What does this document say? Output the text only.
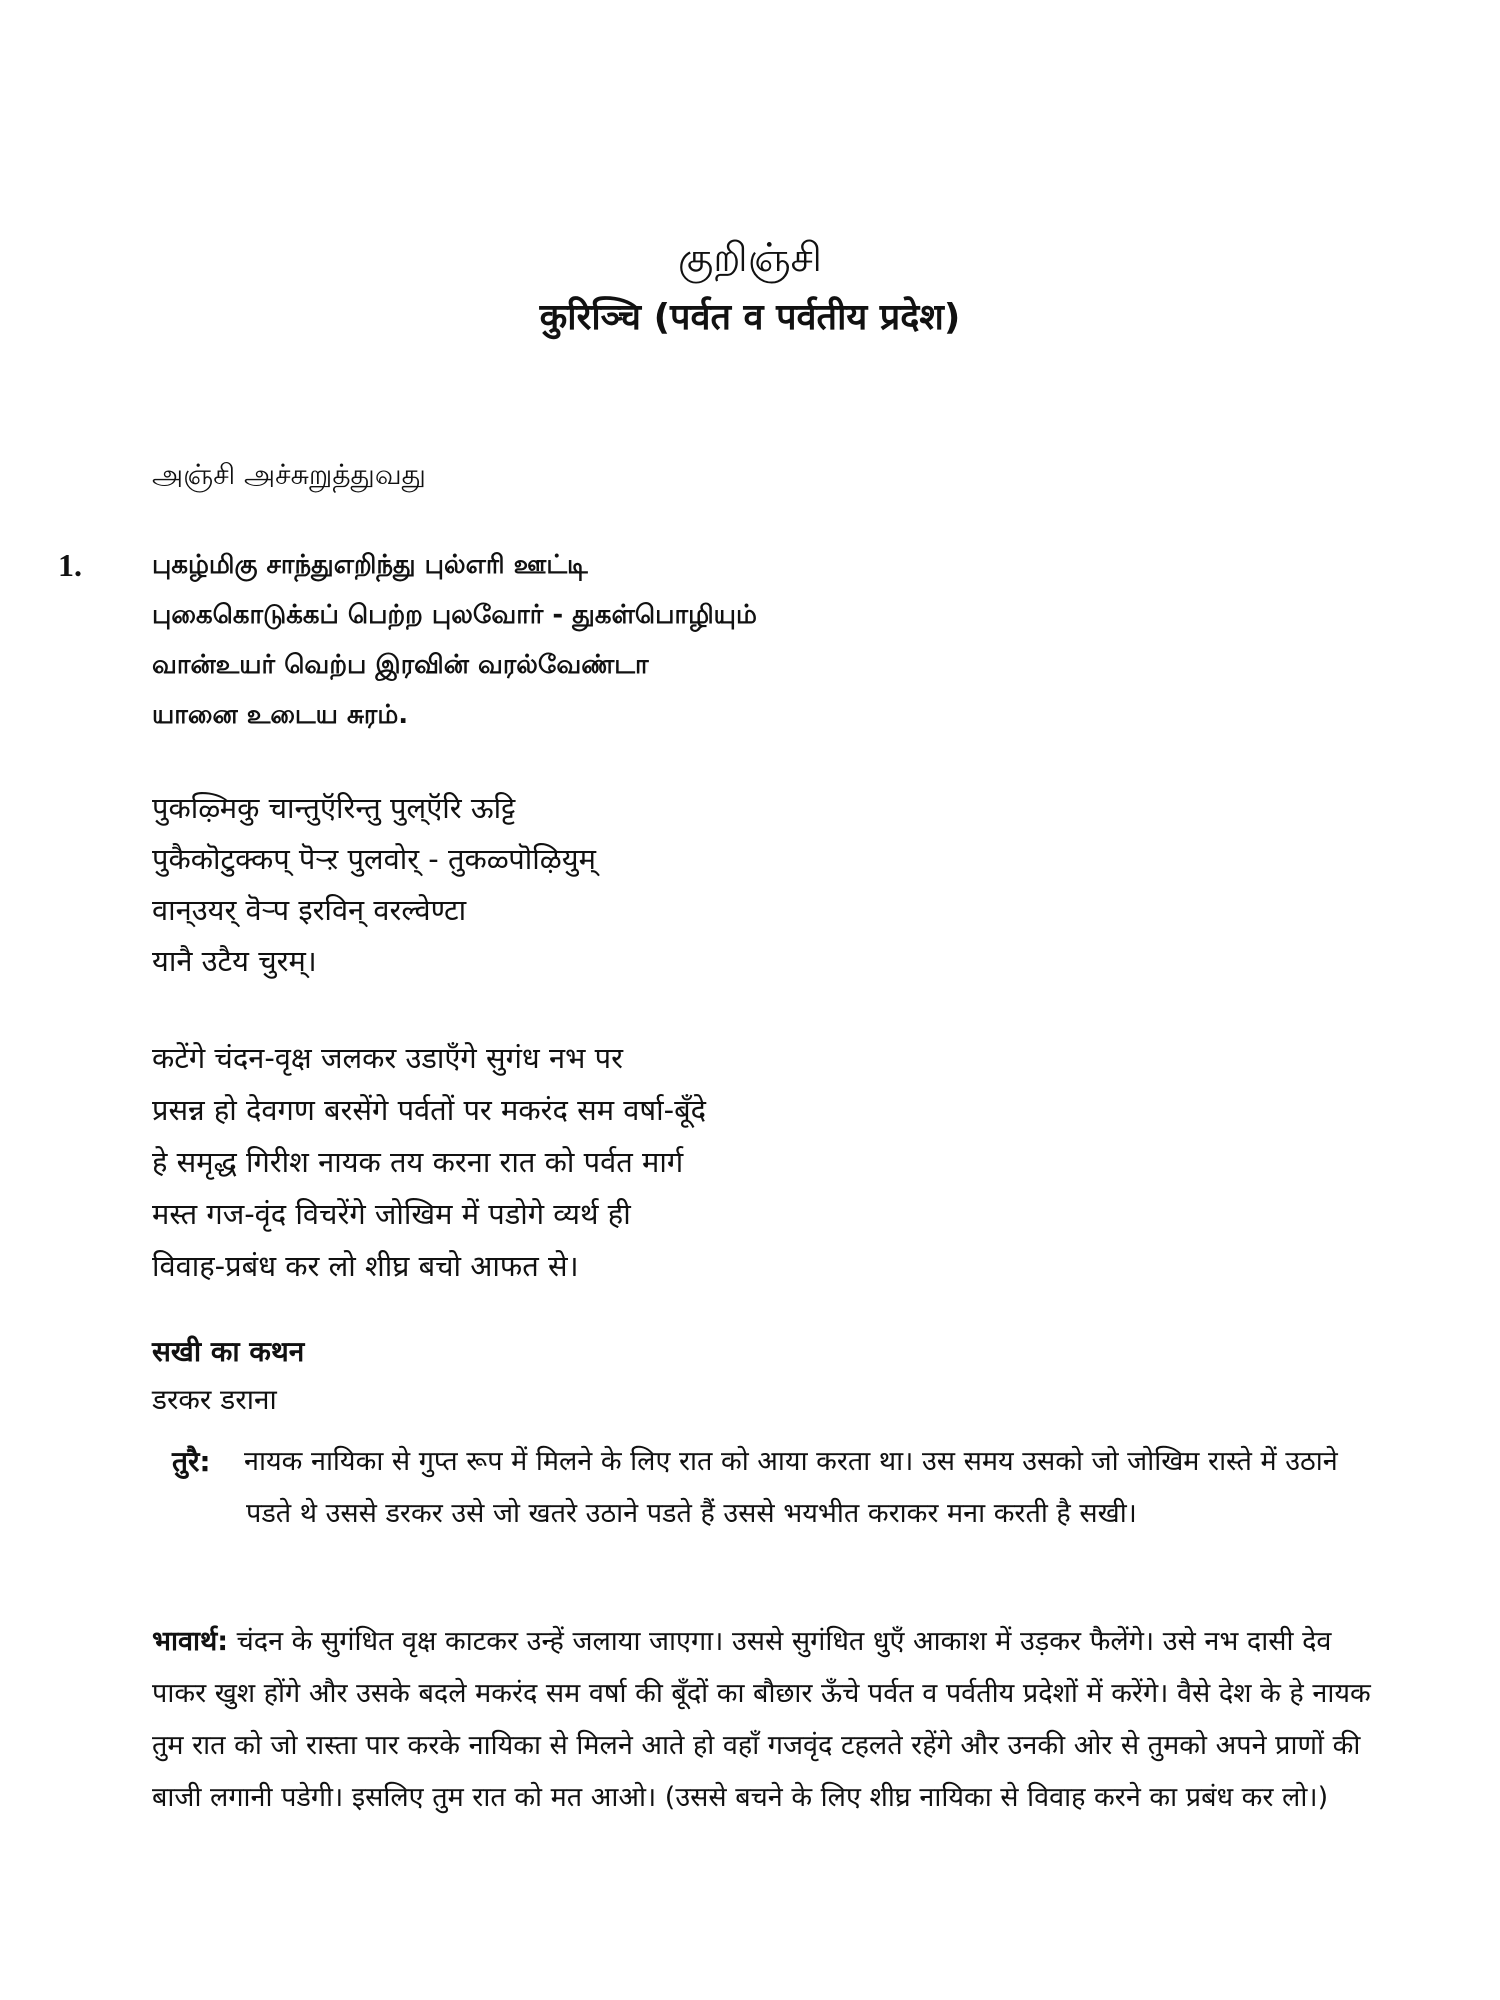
குறிஞ்சி
कुरिञ्चि (पर्वत व पर्वतीय प्रदेश)
அஞ்சி அச்சுறுத்துவது
1.	புகழ்மிகு சாந்துஎறிந்து புல்எரி ஊட்டி
புகைகொடுக்கப் பெற்ற புலவோர் - துகள்பொழியும்
வான்உயர் வெற்ப இரவின் வரல்வேண்டா
யானை உடைய சுரம்.
पुकऴ्मिकु चान्तुऍरिन्तु पुल्ऍरि ऊट्टि
पुकैकॊटुक्कप् पॆऱ्ऱ पुलवोर् - तुकळ्पॊऴियुम्
वान्उयर् वॆऱ्प इरविन् वरल्वेण्टा
यानै उटैय चुरम्।
कटेंगे चंदन-वृक्ष जलकर उडाएँगे सुगंध नभ पर
प्रसन्न हो देवगण बरसेंगे पर्वतों पर मकरंद सम वर्षा-बूँदे
हे समृद्ध गिरीश नायक तय करना रात को पर्वत मार्ग
मस्त गज-वृंद विचरेंगे जोखिम में पडोगे व्यर्थ ही
विवाह-प्रबंध कर लो शीघ्र बचो आफत से।
सखी का कथन
डरकर डराना
तुरै: नायक नायिका से गुप्त रूप में मिलने के लिए रात को आया करता था। उस समय उसको जो जोखिम रास्ते में उठाने पडते थे उससे डरकर उसे जो खतरे उठाने पडते हैं उससे भयभीत कराकर मना करती है सखी।
भावार्थ: चंदन के सुगंधित वृक्ष काटकर उन्हें जलाया जाएगा। उससे सुगंधित धुएँ आकाश में उड़कर फैलेंगे। उसे नभ दासी देव पाकर खुश होंगे और उसके बदले मकरंद सम वर्षा की बूँदों का बौछार ऊँचे पर्वत व पर्वतीय प्रदेशों में करेंगे। वैसे देश के हे नायक तुम रात को जो रास्ता पार करके नायिका से मिलने आते हो वहाँ गजवृंद टहलते रहेंगे और उनकी ओर से तुमको अपने प्राणों की बाजी लगानी पडेगी। इसलिए तुम रात को मत आओ। (उससे बचने के लिए शीघ्र नायिका से विवाह करने का प्रबंध कर लो।)
